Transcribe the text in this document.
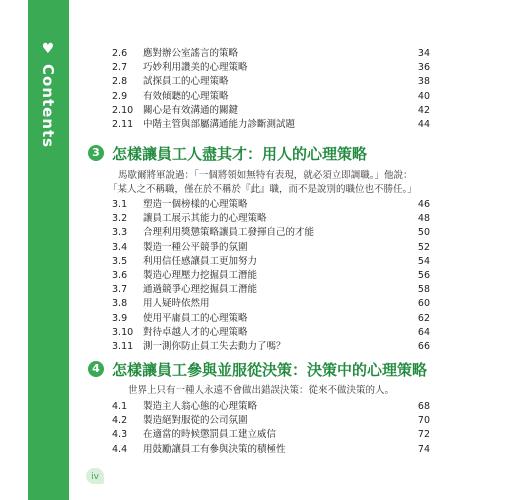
♥
Contents
2.6	應對辦公室謠言的策略	34
2.7	巧妙利用讚美的心理策略	36
2.8	試探員工的心理策略	38
2.9	有效傾聽的心理策略	40
2.10	關心是有效溝通的關鍵	42
2.11	中階主管與部屬溝通能力診斷測試題	44
3 怎樣讓員工人盡其才：用人的心理策略
馬歇爾將軍說過：「一個將領如無特有表現，就必須立即調職。」他說：
「某人之不稱職，僅在於不稱於『此』職，而不是說別的職位也不勝任。」
3.1	塑造一個榜樣的心理策略	46
3.2	讓員工展示其能力的心理策略	48
3.3	合理利用獎懲策略讓員工發揮自己的才能	50
3.4	製造一種公平競爭的氛圍	52
3.5	利用信任感讓員工更加努力	54
3.6	製造心理壓力挖掘員工潛能	56
3.7	通過競爭心理挖掘員工潛能	58
3.8	用人疑時依然用	60
3.9	使用平庸員工的心理策略	62
3.10	對待卓越人才的心理策略	64
3.11	測一測你防止員工失去動力了嗎？	66
4 怎樣讓員工參與並服從決策：決策中的心理策略
世界上只有一種人永遠不會做出錯誤決策：從來不做決策的人。
4.1	製造主人翁心態的心理策略	68
4.2	製造絕對服從的公司氛圍	70
4.3	在適當的時候懲罰員工建立威信	72
4.4	用鼓勵讓員工有參與決策的積極性	74
iv
